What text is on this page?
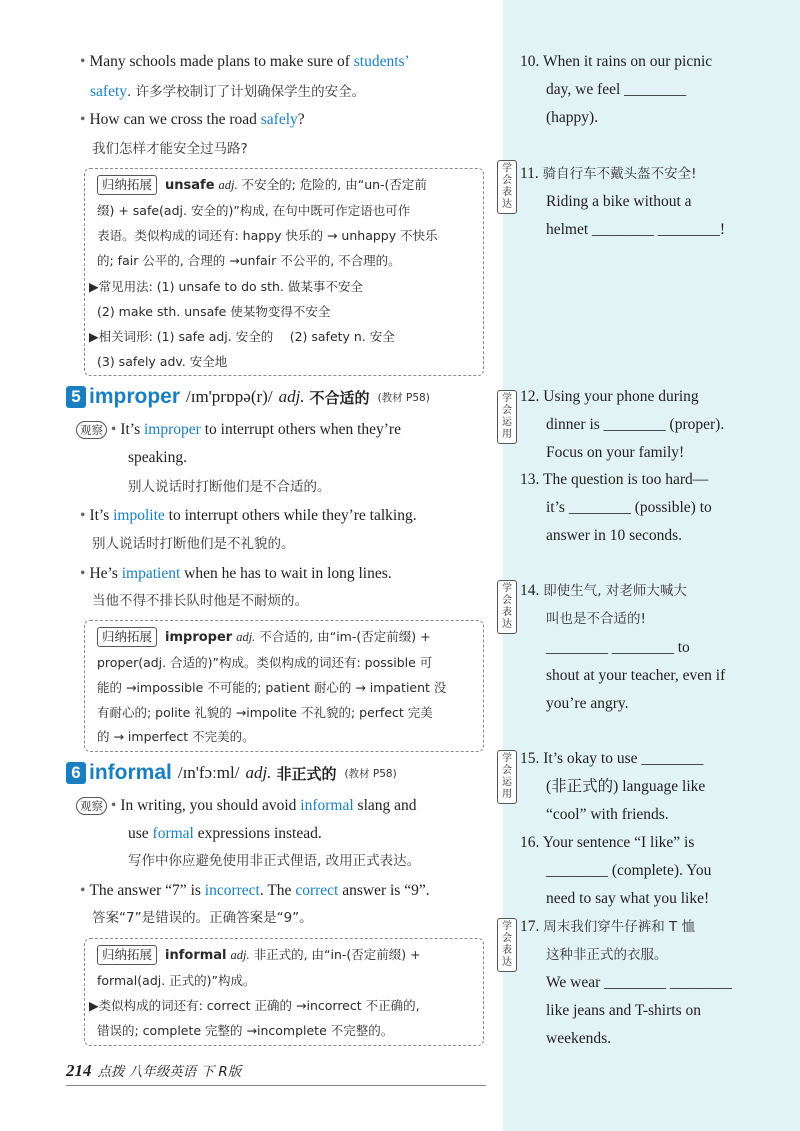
• Many schools made plans to make sure of students’
safety. 许多学校制订了计划确保学生的安全。
• How can we cross the road safely?
我们怎样才能安全过马路?
归纳拓展 unsafe adj. 不安全的; 危险的, 由“un-(否定前
缀) + safe(adj. 安全的)”构成, 在句中既可作定语也可作
表语。类似构成的词还有: happy 快乐的 → unhappy 不快乐
的; fair 公平的, 合理的 →unfair 不公平的, 不合理的。
▶常见用法: (1) unsafe to do sth. 做某事不安全
(2) make sth. unsafe 使某物变得不安全
▶相关词形: (1) safe adj. 安全的　 (2) safety n. 安全
(3) safely adv. 安全地
5 improper /ɪm'prɒpə(r)/ adj. 不合适的 (教材 P58)
观察 • It’s improper to interrupt others when they’re
speaking.
别人说话时打断他们是不合适的。
• It’s impolite to interrupt others while they’re talking.
别人说话时打断他们是不礼貌的。
• He’s impatient when he has to wait in long lines.
当他不得不排长队时他是不耐烦的。
归纳拓展 improper adj. 不合适的, 由“im-(否定前缀) +
proper(adj. 合适的)”构成。类似构成的词还有: possible 可
能的 →impossible 不可能的; patient 耐心的 → impatient 没
有耐心的; polite 礼貌的 →impolite 不礼貌的; perfect 完美
的 → imperfect 不完美的。
6 informal /ɪn'fɔːml/ adj. 非正式的 (教材 P58)
观察 • In writing, you should avoid informal slang and
use formal expressions instead.
写作中你应避免使用非正式俚语, 改用正式表达。
• The answer “7” is incorrect. The correct answer is “9”.
答案“7”是错误的。正确答案是“9”。
归纳拓展 informal adj. 非正式的, 由“in-(否定前缀) +
formal(adj. 正式的)”构成。
▶类似构成的词还有: correct 正确的 →incorrect 不正确的,
错误的; complete 完整的 →incomplete 不完整的。
214 点拨 八年级英语 下 R版
10. When it rains on our picnic
day, we feel ________
(happy).
学会表达
11. 骑自行车不戴头盔不安全!
Riding a bike without a
helmet ________ ________!
学会运用
12. Using your phone during
dinner is ________ (proper).
Focus on your family!
13. The question is too hard—
it’s ________ (possible) to
answer in 10 seconds.
学会表达
14. 即使生气, 对老师大喊大
叫也是不合适的!
________ ________ to
shout at your teacher, even if
you’re angry.
学会运用
15. It’s okay to use ________
(非正式的) language like
“cool” with friends.
16. Your sentence “I like” is
________ (complete). You
need to say what you like!
学会表达
17. 周末我们穿牛仔裤和 T 恤
这种非正式的衣服。
We wear ________ ________
like jeans and T-shirts on
weekends.
